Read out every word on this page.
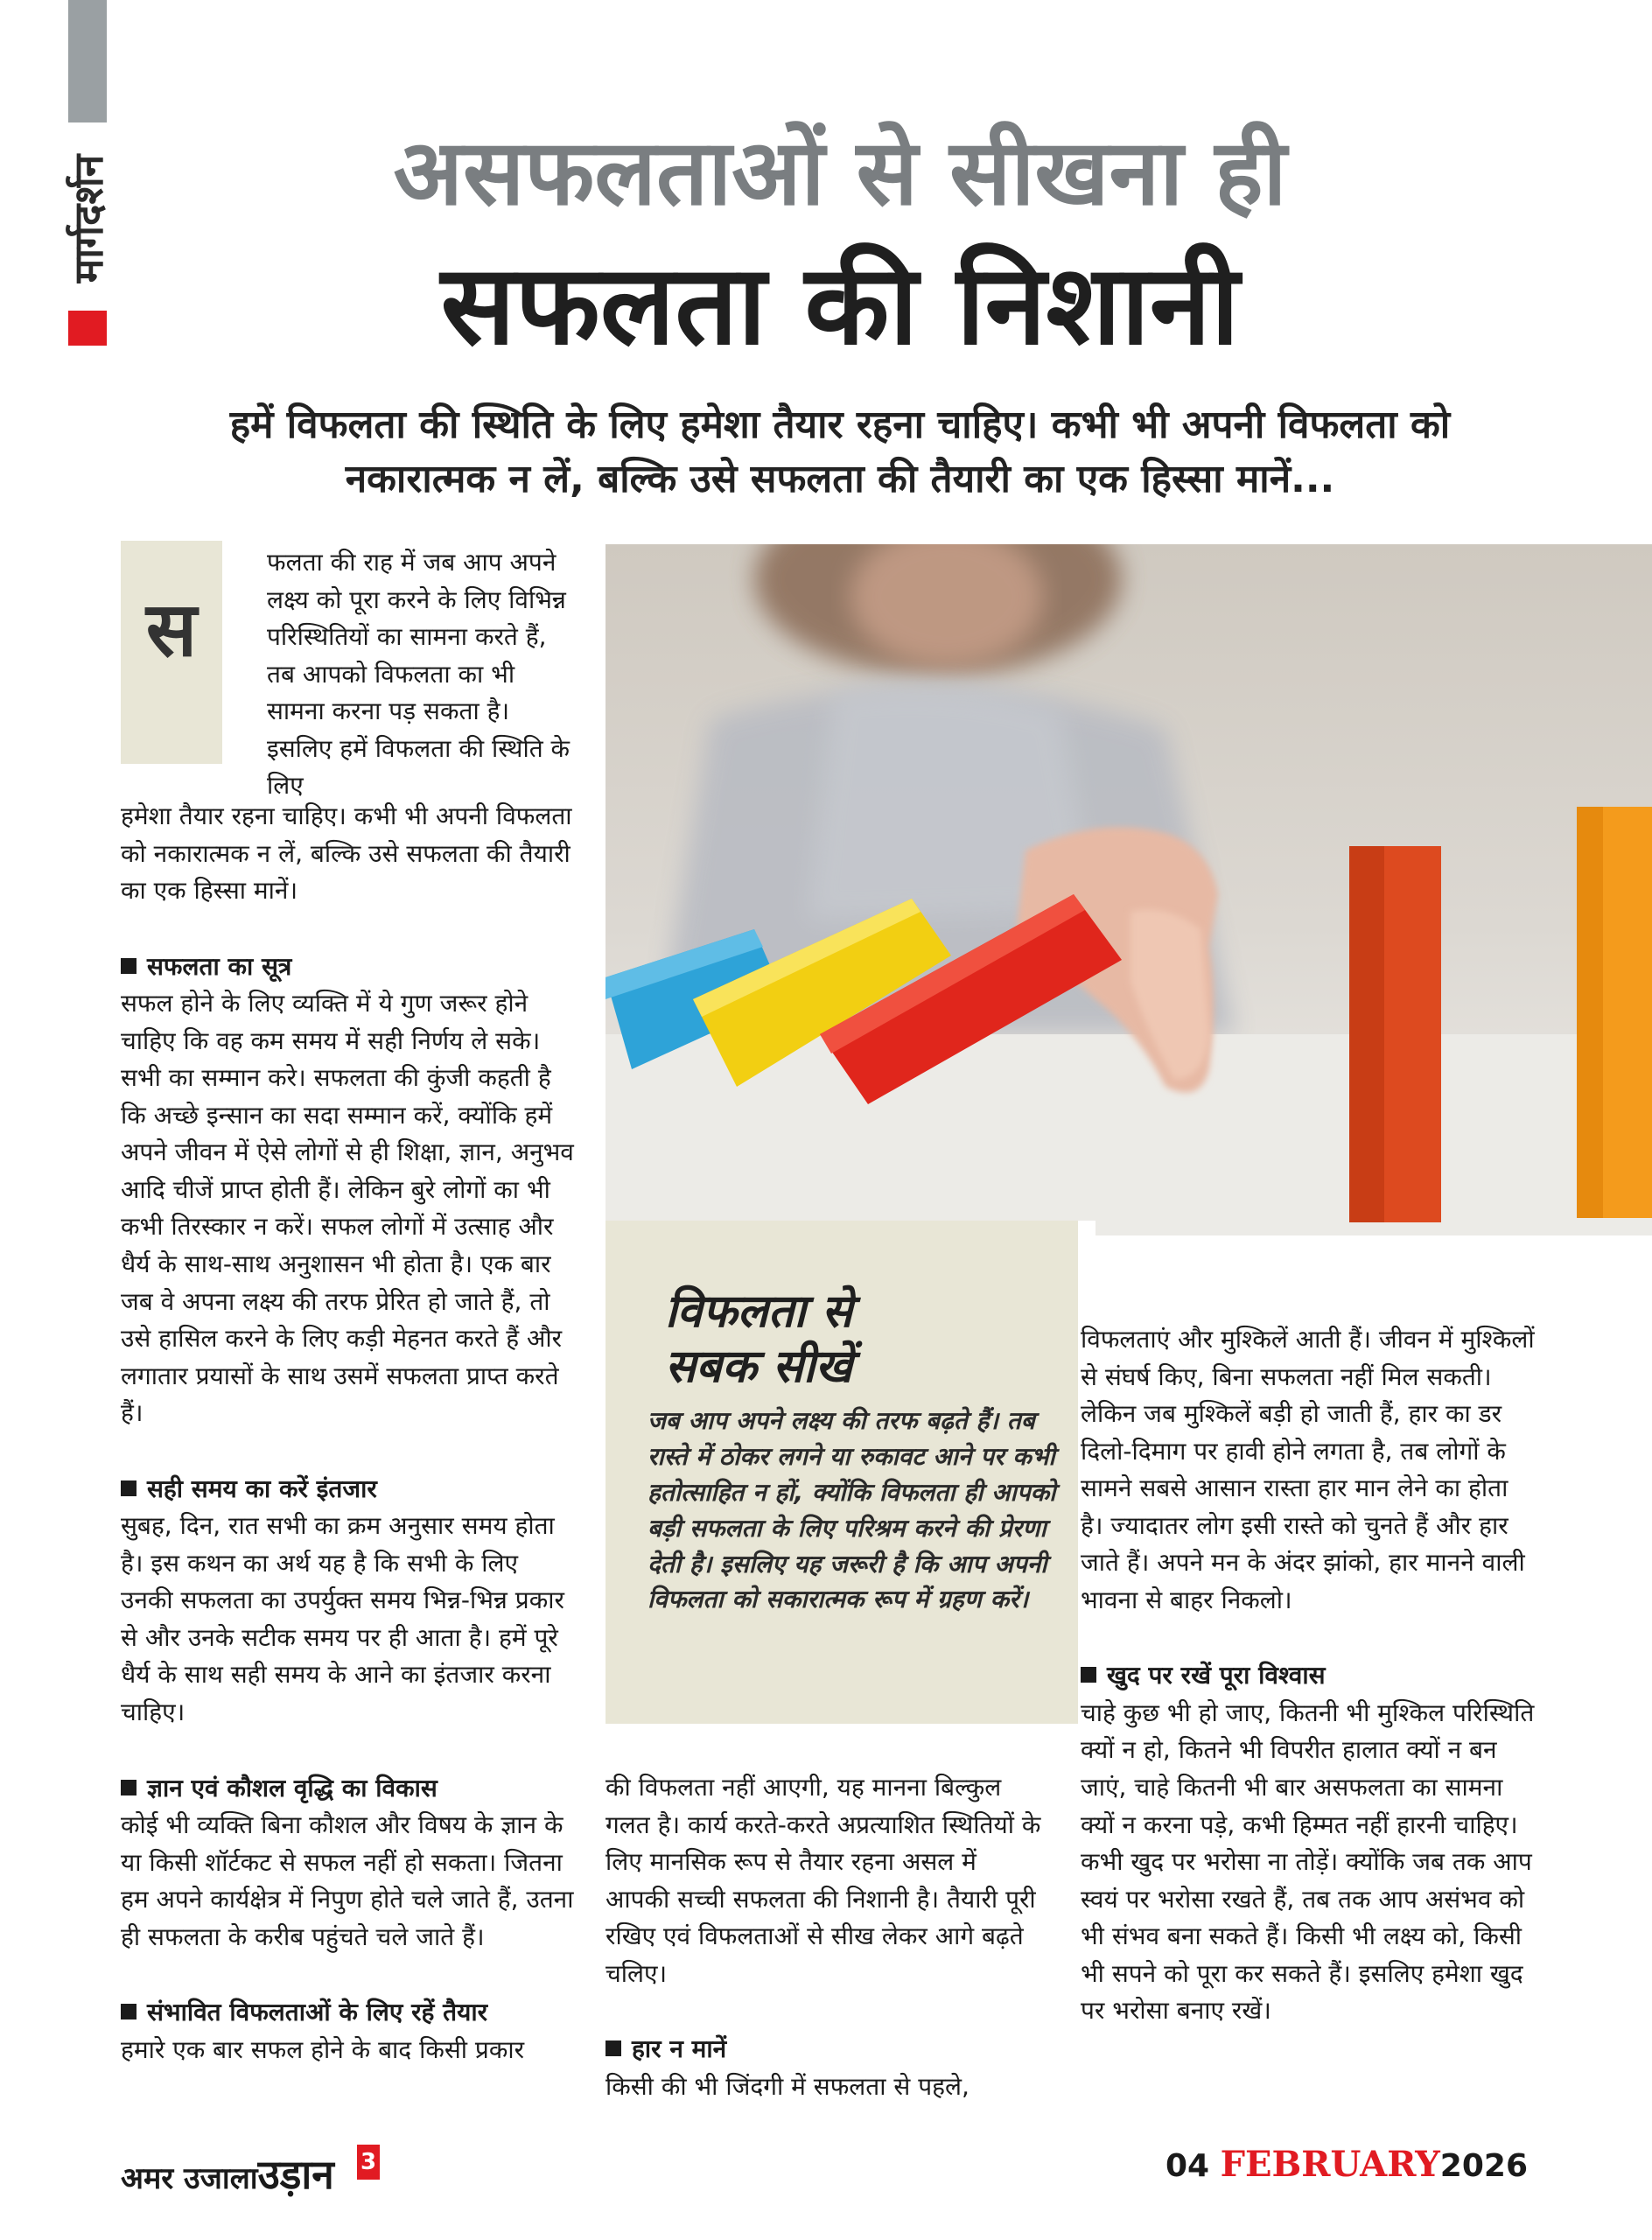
मार्गदर्शन	असफलताओं से सीखना ही
सफलता की निशानी
हमें विफलता की स्थिति के लिए हमेशा तैयार रहना चाहिए। कभी भी अपनी विफलता को
नकारात्मक न लें, बल्कि उसे सफलता की तैयारी का एक हिस्सा मानें...
विफलता से
सबक सीखें
जब आप अपने लक्ष्य की तरफ बढ़ते हैं। तब रास्ते में ठोकर लगने या रुकावट आने पर कभी हतोत्साहित न हों, क्योंकि विफलता ही आपको बड़ी सफलता के लिए परिश्रम करने की प्रेरणा देती है। इसलिए यह जरूरी है कि आप अपनी विफलता को सकारात्मक रूप में ग्रहण करें।
स
फलता की राह में जब आप अपने लक्ष्य को पूरा करने के लिए विभिन्न परिस्थितियों का सामना करते हैं, तब आपको विफलता का भी सामना करना पड़ सकता है। इसलिए हमें विफलता की स्थिति के लिए

हमेशा तैयार रहना चाहिए। कभी भी अपनी विफलता को नकारात्मक न लें, बल्कि उसे सफलता की तैयारी का एक हिस्सा मानें।

सफलता का सूत्र

सफल होने के लिए व्यक्ति में ये गुण जरूर होने चाहिए कि वह कम समय में सही निर्णय ले सके। सभी का सम्मान करे। सफलता की कुंजी कहती है कि अच्छे इन्सान का सदा सम्मान करें, क्योंकि हमें अपने जीवन में ऐसे लोगों से ही शिक्षा, ज्ञान, अनुभव आदि चीजें प्राप्त होती हैं। लेकिन बुरे लोगों का भी कभी तिरस्कार न करें। सफल लोगों में उत्साह और धैर्य के साथ-साथ अनुशासन भी होता है। एक बार जब वे अपना लक्ष्य की तरफ प्रेरित हो जाते हैं, तो उसे हासिल करने के लिए कड़ी मेहनत करते हैं और लगातार प्रयासों के साथ उसमें सफलता प्राप्त करते हैं।

सही समय का करें इंतजार

सुबह, दिन, रात सभी का क्रम अनुसार समय होता है। इस कथन का अर्थ यह है कि सभी के लिए उनकी सफलता का उपर्युक्त समय भिन्न-भिन्न प्रकार से और उनके सटीक समय पर ही आता है। हमें पूरे धैर्य के साथ सही समय के आने का इंतजार करना चाहिए।

ज्ञान एवं कौशल वृद्धि का विकास

कोई भी व्यक्ति बिना कौशल और विषय के ज्ञान के या किसी शॉर्टकट से सफल नहीं हो सकता। जितना हम अपने कार्यक्षेत्र में निपुण होते चले जाते हैं, उतना ही सफलता के करीब पहुंचते चले जाते हैं।

संभावित विफलताओं के लिए रहें तैयार

हमारे एक बार सफल होने के बाद किसी प्रकार

की विफलता नहीं आएगी, यह मानना बिल्कुल गलत है। कार्य करते-करते अप्रत्याशित स्थितियों के लिए मानसिक रूप से तैयार रहना असल में आपकी सच्ची सफलता की निशानी है। तैयारी पूरी रखिए एवं विफलताओं से सीख लेकर आगे बढ़ते चलिए।

हार न मानें

किसी की भी जिंदगी में सफलता से पहले,

विफलताएं और मुश्किलें आती हैं। जीवन में मुश्किलों से संघर्ष किए, बिना सफलता नहीं मिल सकती। लेकिन जब मुश्किलें बड़ी हो जाती हैं, हार का डर दिलो-दिमाग पर हावी होने लगता है, तब लोगों के सामने सबसे आसान रास्ता हार मान लेने का होता है। ज्यादातर लोग इसी रास्ते को चुनते हैं और हार जाते हैं। अपने मन के अंदर झांको, हार मानने वाली भावना से बाहर निकलो।

खुद पर रखें पूरा विश्वास

चाहे कुछ भी हो जाए, कितनी भी मुश्किल परिस्थिति क्यों न हो, कितने भी विपरीत हालात क्यों न बन जाएं, चाहे कितनी भी बार असफलता का सामना क्यों न करना पड़े, कभी हिम्मत नहीं हारनी चाहिए। कभी खुद पर भरोसा ना तोड़ें। क्योंकि जब तक आप स्वयं पर भरोसा रखते हैं, तब तक आप असंभव को भी संभव बना सकते हैं। किसी भी लक्ष्य को, किसी भी सपने को पूरा कर सकते हैं। इसलिए हमेशा खुद पर भरोसा बनाए रखें।

अमर उजालाउड़ान 3	04 FEBRUARY2026
